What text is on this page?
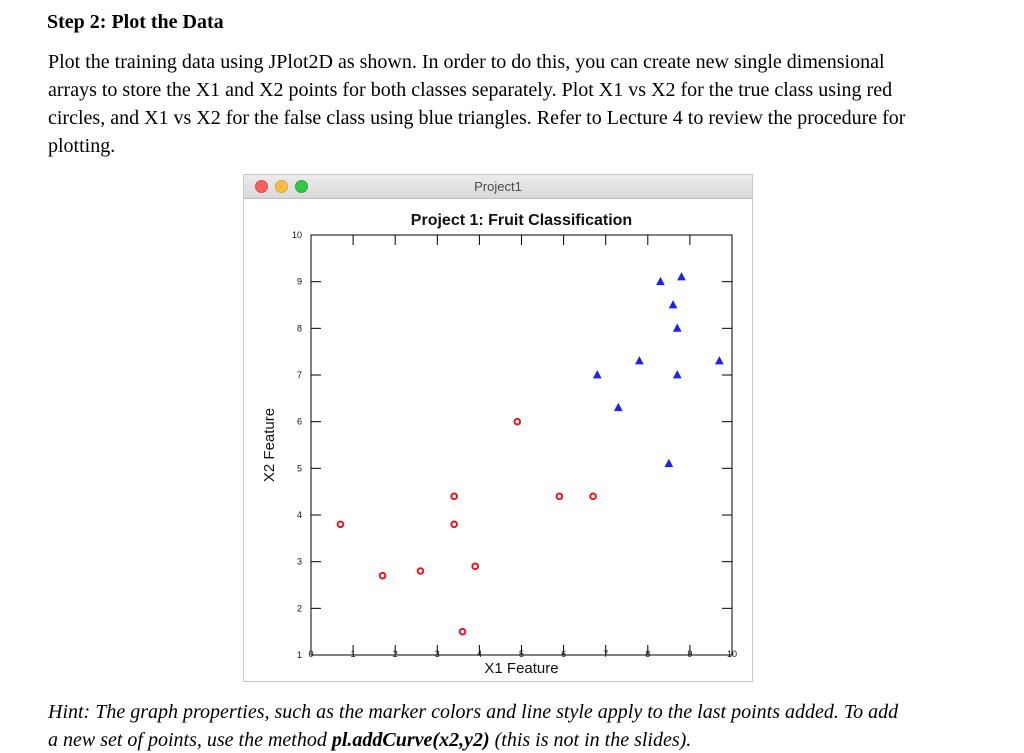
Step 2: Plot the Data

Plot the training data using JPlot2D as shown. In order to do this, you can create new single dimensional
arrays to store the X1 and X2 points for both classes separately. Plot X1 vs X2 for the true class using red
circles, and X1 vs X2 for the false class using blue triangles. Refer to Lecture 4 to review the procedure for
plotting.

Project1
Project 1: Fruit Classification
0	1	2	3	4	5	6	7	8	9	10
1
2
3
4
5
6
7
8
9
10
X1 Feature
X2 Feature

Hint: The graph properties, such as the marker colors and line style apply to the last points added. To add
a new set of points, use the method pl.addCurve(x2,y2) (this is not in the slides).
